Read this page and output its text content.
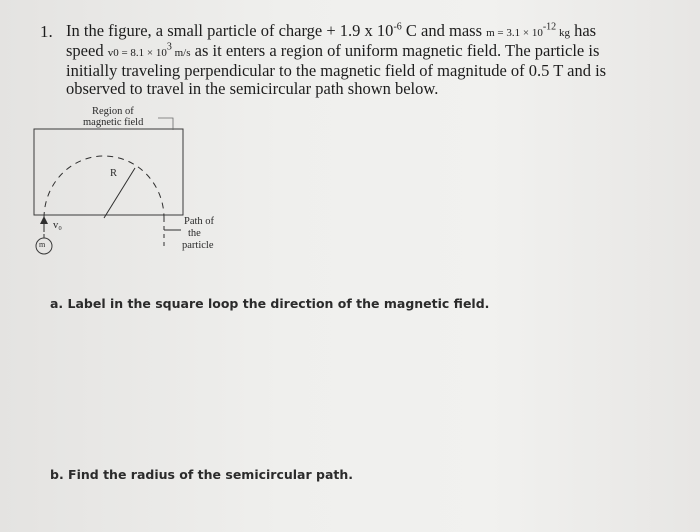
1. In the figure, a small particle of charge + 1.9 x $10^{-6}$ C and mass $m = 3.1 \times 10^{-12}$ kg has
speed $v0 = 8.1 \times 10^3$ m/s as it enters a region of uniform magnetic field. The particle is
initially traveling perpendicular to the magnetic field of magnitude of 0.5 T and is
observed to travel in the semicircular path shown below.
Region of
magnetic field
R
v₀
m
Path of
the
particle
a. Label in the square loop the direction of the magnetic field.
b. Find the radius of the semicircular path.
